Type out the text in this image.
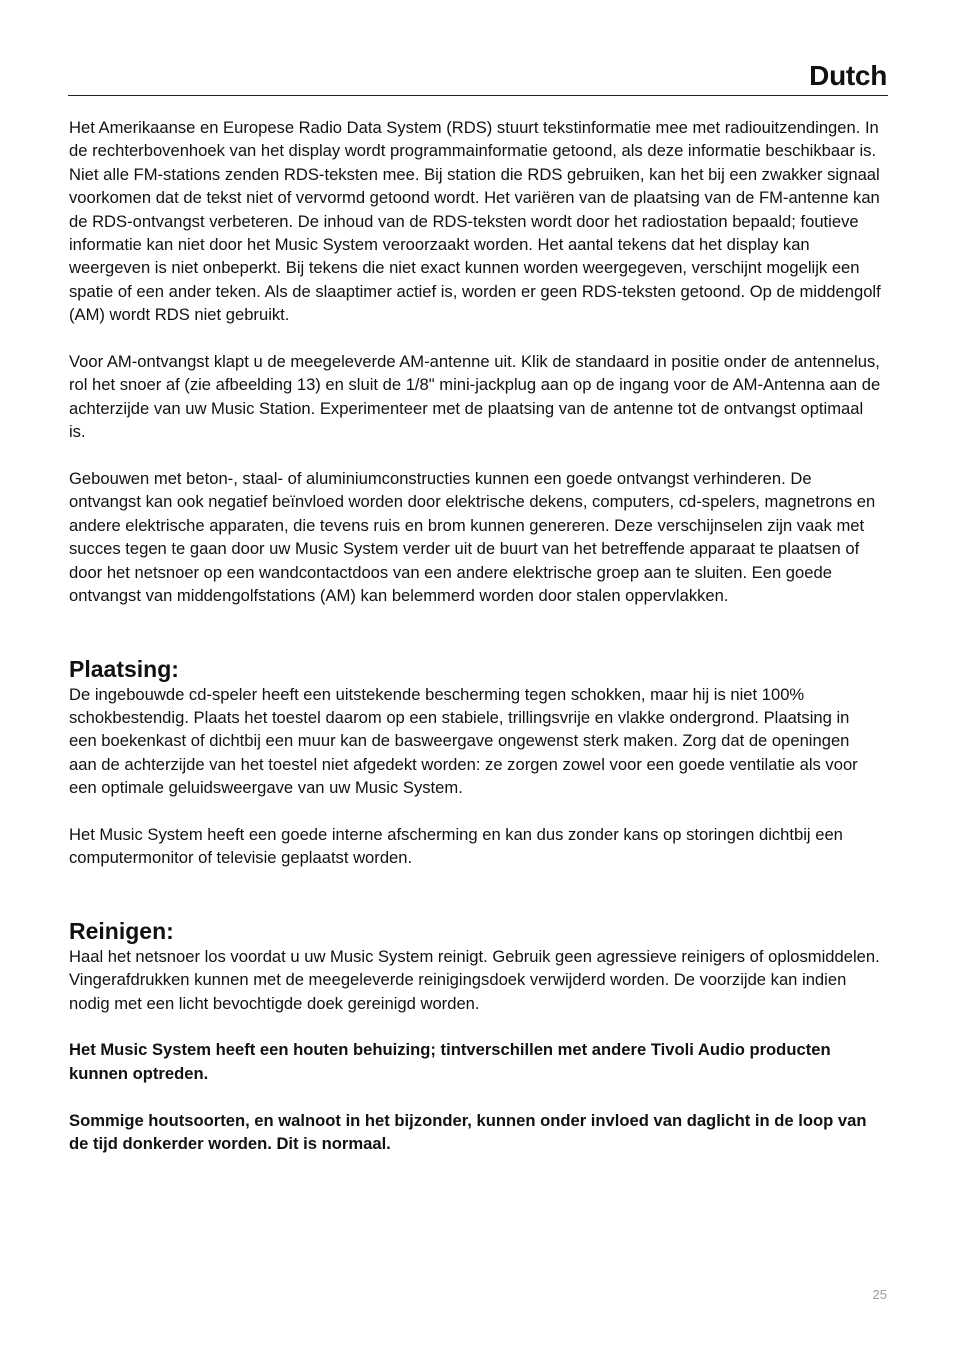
Dutch

Het Amerikaanse en Europese Radio Data System (RDS) stuurt tekstinformatie mee met radiouitzendingen. In de rechterbovenhoek van het display wordt programmainformatie getoond, als deze informatie beschikbaar is. Niet alle FM-stations zenden RDS-teksten mee. Bij station die RDS gebruiken, kan het bij een zwakker signaal voorkomen dat de tekst niet of vervormd getoond wordt. Het variëren van de plaatsing van de FM-antenne kan de RDS-ontvangst verbeteren. De inhoud van de RDS-teksten wordt door het radiostation bepaald; foutieve informatie kan niet door het Music System veroorzaakt worden. Het aantal tekens dat het display kan weergeven is niet onbeperkt. Bij tekens die niet exact kunnen worden weergegeven, verschijnt mogelijk een spatie of een ander teken. Als de slaaptimer actief is, worden er geen RDS-teksten getoond. Op de middengolf (AM) wordt RDS niet gebruikt.

Voor AM-ontvangst klapt u de meegeleverde AM-antenne uit. Klik de standaard in positie onder de antennelus, rol het snoer af (zie afbeelding 13) en sluit de 1/8" mini-jackplug aan op de ingang voor de AM-Antenna aan de achterzijde van uw Music Station. Experimenteer met de plaatsing van de antenne tot de ontvangst optimaal is.

Gebouwen met beton-, staal- of aluminiumconstructies kunnen een goede ontvangst verhinderen. De ontvangst kan ook negatief beïnvloed worden door elektrische dekens, computers, cd-spelers, magnetrons en andere elektrische apparaten, die tevens ruis en brom kunnen genereren. Deze verschijnselen zijn vaak met succes tegen te gaan door uw Music System verder uit de buurt van het betreffende apparaat te plaatsen of door het netsnoer op een wandcontactdoos van een andere elektrische groep aan te sluiten. Een goede ontvangst van middengolfstations (AM) kan belemmerd worden door stalen oppervlakken.

Plaatsing:

De ingebouwde cd-speler heeft een uitstekende bescherming tegen schokken, maar hij is niet 100% schokbestendig. Plaats het toestel daarom op een stabiele, trillingsvrije en vlakke ondergrond. Plaatsing in een boekenkast of dichtbij een muur kan de basweergave ongewenst sterk maken. Zorg dat de openingen aan de achterzijde van het toestel niet afgedekt worden: ze zorgen zowel voor een goede ventilatie als voor een optimale geluidsweergave van uw Music System.

Het Music System heeft een goede interne afscherming en kan dus zonder kans op storingen dichtbij een computermonitor of televisie geplaatst worden.

Reinigen:

Haal het netsnoer los voordat u uw Music System reinigt. Gebruik geen agressieve reinigers of oplosmiddelen. Vingerafdrukken kunnen met de meegeleverde reinigingsdoek verwijderd worden. De voorzijde kan indien nodig met een licht bevochtigde doek gereinigd worden.

Het Music System heeft een houten behuizing; tintverschillen met andere Tivoli Audio producten kunnen optreden.

Sommige houtsoorten, en walnoot in het bijzonder, kunnen onder invloed van daglicht in de loop van de tijd donkerder worden. Dit is normaal.

25
